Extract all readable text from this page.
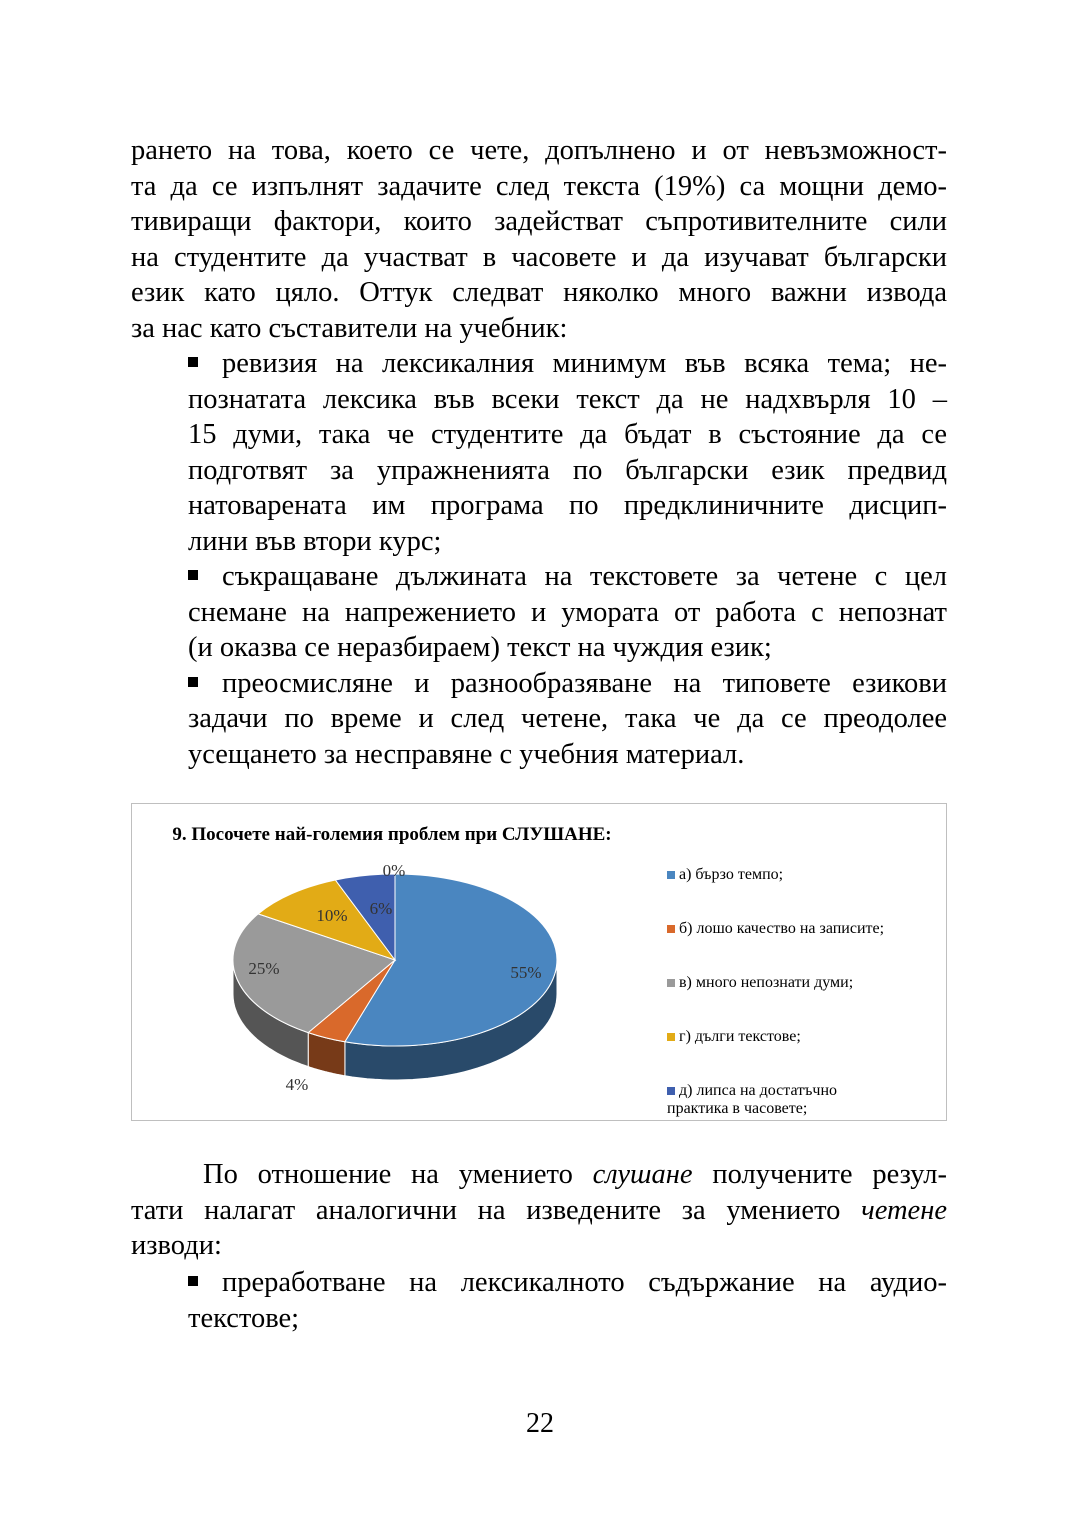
рането на това, което се чете, допълнено и от невъзможност-
та да се изпълнят задачите след текста (19%) са мощни демо-
тивиращи фактори, които задействат съпротивителните сили
на студентите да участват в часовете и да изучават български
език като цяло. Оттук следват няколко много важни извода
за нас като съставители на учебник:
ревизия на лексикалния минимум във всяка тема; не-
познатата лексика във всеки текст да не надхвърля 10 –
15 думи, така че студентите да бъдат в състояние да се
подготвят за упражненията по български език предвид
натоварената им програма по предклиничните дисцип-
лини във втори курс;
съкращаване дължината на текстовете за четене с цел
снемане на напрежението и умората от работа с непознат
(и оказва се неразбираем) текст на чуждия език;
преосмисляне и разнообразяване на типовете езикови
задачи по време и след четене, така че да се преодолее
усещането за несправяне с учебния материал.
55%
4%
25%
10% 6%
0%
9. Посочете най-големия проблем при СЛУШАНЕ:
а) бързо темпо;
б) лошо качество на записите;
в) много непознати думи;
г) дълги текстове;
д) липса на достатъчно практика в часовете;
По отношение на умението слушане получените резул-
тати налагат аналогични на изведените за умението четене
изводи:
преработване на лексикалното съдържание на аудио-
текстове;
22
